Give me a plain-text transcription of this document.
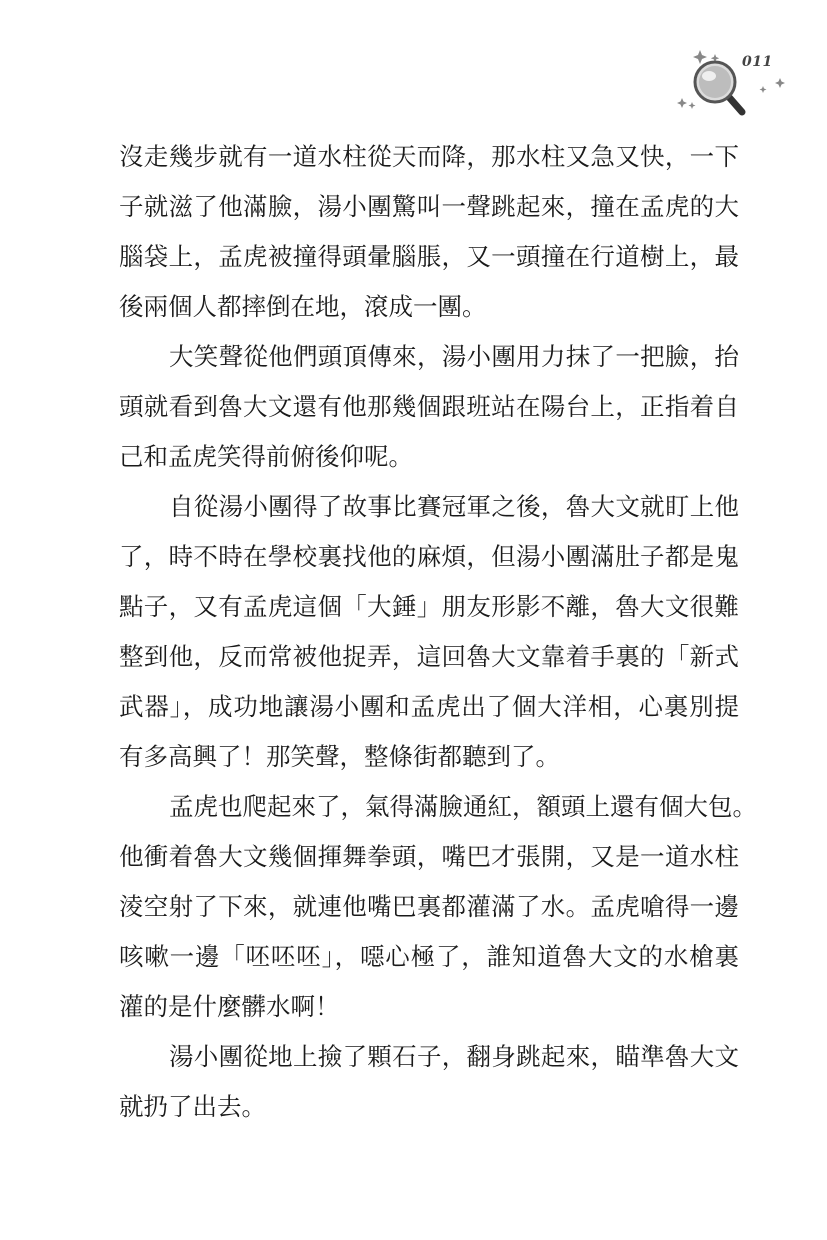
011
沒走幾步就有一道水柱從天而降，那水柱又急又快，一下
子就滋了他滿臉，湯小團驚叫一聲跳起來，撞在孟虎的大
腦袋上，孟虎被撞得頭暈腦脹，又一頭撞在行道樹上，最
後兩個人都摔倒在地，滾成一團。
大笑聲從他們頭頂傳來，湯小團用力抹了一把臉，抬
頭就看到魯大文還有他那幾個跟班站在陽台上，正指着自
己和孟虎笑得前俯後仰呢。
自從湯小團得了故事比賽冠軍之後，魯大文就盯上他
了，時不時在學校裏找他的麻煩，但湯小團滿肚子都是鬼
點子，又有孟虎這個「大錘」朋友形影不離，魯大文很難
整到他，反而常被他捉弄，這回魯大文靠着手裏的「新式
武器」，成功地讓湯小團和孟虎出了個大洋相，心裏別提
有多高興了！那笑聲，整條街都聽到了。
孟虎也爬起來了，氣得滿臉通紅，額頭上還有個大包。
他衝着魯大文幾個揮舞拳頭，嘴巴才張開，又是一道水柱
淩空射了下來，就連他嘴巴裏都灌滿了水。孟虎嗆得一邊
咳嗽一邊「呸呸呸」，噁心極了，誰知道魯大文的水槍裏
灌的是什麼髒水啊！
湯小團從地上撿了顆石子，翻身跳起來，瞄準魯大文
就扔了出去。
